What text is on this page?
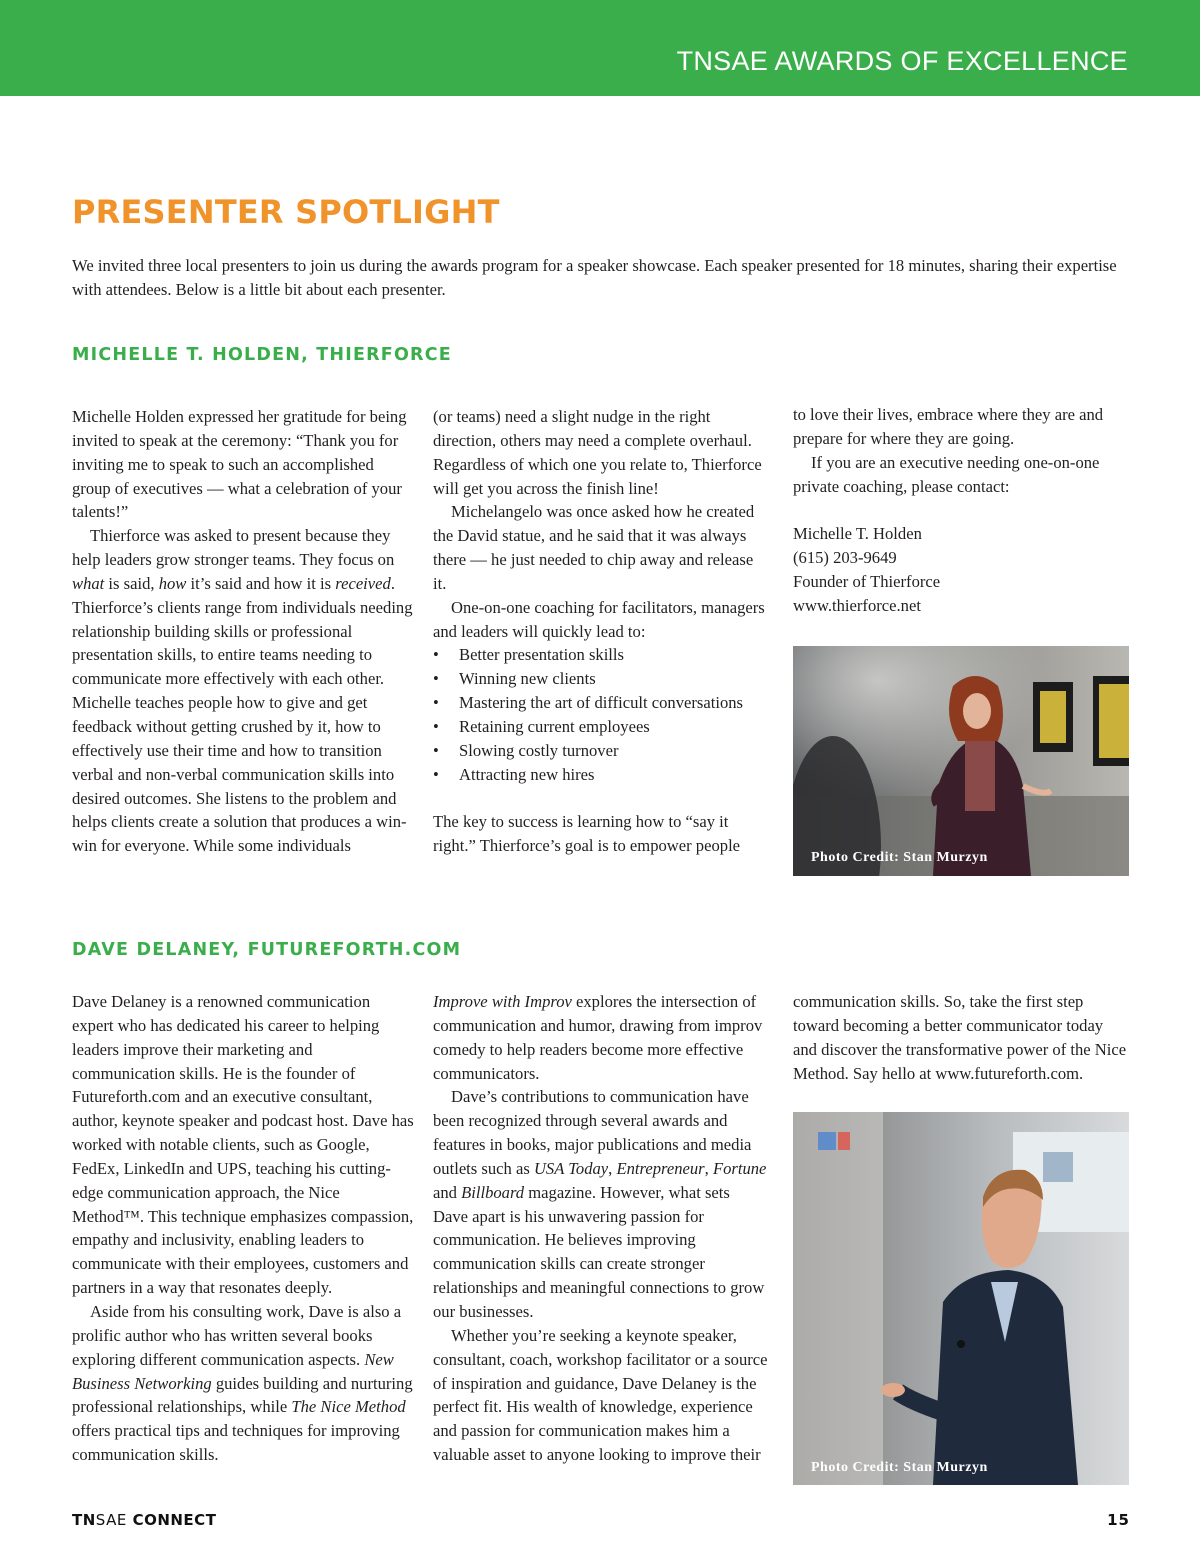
TNSAE AWARDS OF EXCELLENCE
PRESENTER SPOTLIGHT

We invited three local presenters to join us during the awards program for a speaker showcase. Each speaker presented for 18 minutes, sharing their expertise with attendees. Below is a little bit about each presenter.

MICHELLE T. HOLDEN, THIERFORCE

Michelle Holden expressed her gratitude for being invited to speak at the ceremony: “Thank you for inviting me to speak to such an accomplished group of executives — what a celebration of your talents!”

Thierforce was asked to present because they help leaders grow stronger teams. They focus on what is said, how it’s said and how it is received. Thierforce’s clients range from individuals needing relationship building skills or professional presentation skills, to entire teams needing to communicate more effectively with each other. Michelle teaches people how to give and get feedback without getting crushed by it, how to effectively use their time and how to transition verbal and non-verbal communication skills into desired outcomes. She listens to the problem and helps clients create a solution that produces a win-win for everyone. While some individuals

(or teams) need a slight nudge in the right direction, others may need a complete overhaul. Regardless of which one you relate to, Thierforce will get you across the finish line!

Michelangelo was once asked how he created the David statue, and he said that it was always there — he just needed to chip away and release it.

One-on-one coaching for facilitators, managers and leaders will quickly lead to:

• Better presentation skills
• Winning new clients
• Mastering the art of difficult conversations
• Retaining current employees
• Slowing costly turnover
• Attracting new hires

The key to success is learning how to “say it right.” Thierforce’s goal is to empower people

to love their lives, embrace where they are and prepare for where they are going.

If you are an executive needing one-on-one private coaching, please contact:

Michelle T. Holden

(615) 203-9649

Founder of Thierforce

www.thierforce.net

Photo Credit: Stan Murzyn
DAVE DELANEY, FUTUREFORTH.COM

Dave Delaney is a renowned communication expert who has dedicated his career to helping leaders improve their marketing and communication skills. He is the founder of Futureforth.com and an executive consultant, author, keynote speaker and podcast host. Dave has worked with notable clients, such as Google, FedEx, LinkedIn and UPS, teaching his cutting-edge communication approach, the Nice Method™. This technique emphasizes compassion, empathy and inclusivity, enabling leaders to communicate with their employees, customers and partners in a way that resonates deeply.

Aside from his consulting work, Dave is also a prolific author who has written several books exploring different communication aspects. New Business Networking guides building and nurturing professional relationships, while The Nice Method offers practical tips and techniques for improving communication skills.

Improve with Improv explores the intersection of communication and humor, drawing from improv comedy to help readers become more effective communicators.

Dave’s contributions to communication have been recognized through several awards and features in books, major publications and media outlets such as USA Today, Entrepreneur, Fortune and Billboard magazine. However, what sets Dave apart is his unwavering passion for communication. He believes improving communication skills can create stronger relationships and meaningful connections to grow our businesses.

Whether you’re seeking a keynote speaker, consultant, coach, workshop facilitator or a source of inspiration and guidance, Dave Delaney is the perfect fit. His wealth of knowledge, experience and passion for communication makes him a valuable asset to anyone looking to improve their

communication skills. So, take the first step toward becoming a better communicator today and discover the transformative power of the Nice Method. Say hello at www.futureforth.com.

Photo Credit: Stan Murzyn
TNSAE CONNECT	15
